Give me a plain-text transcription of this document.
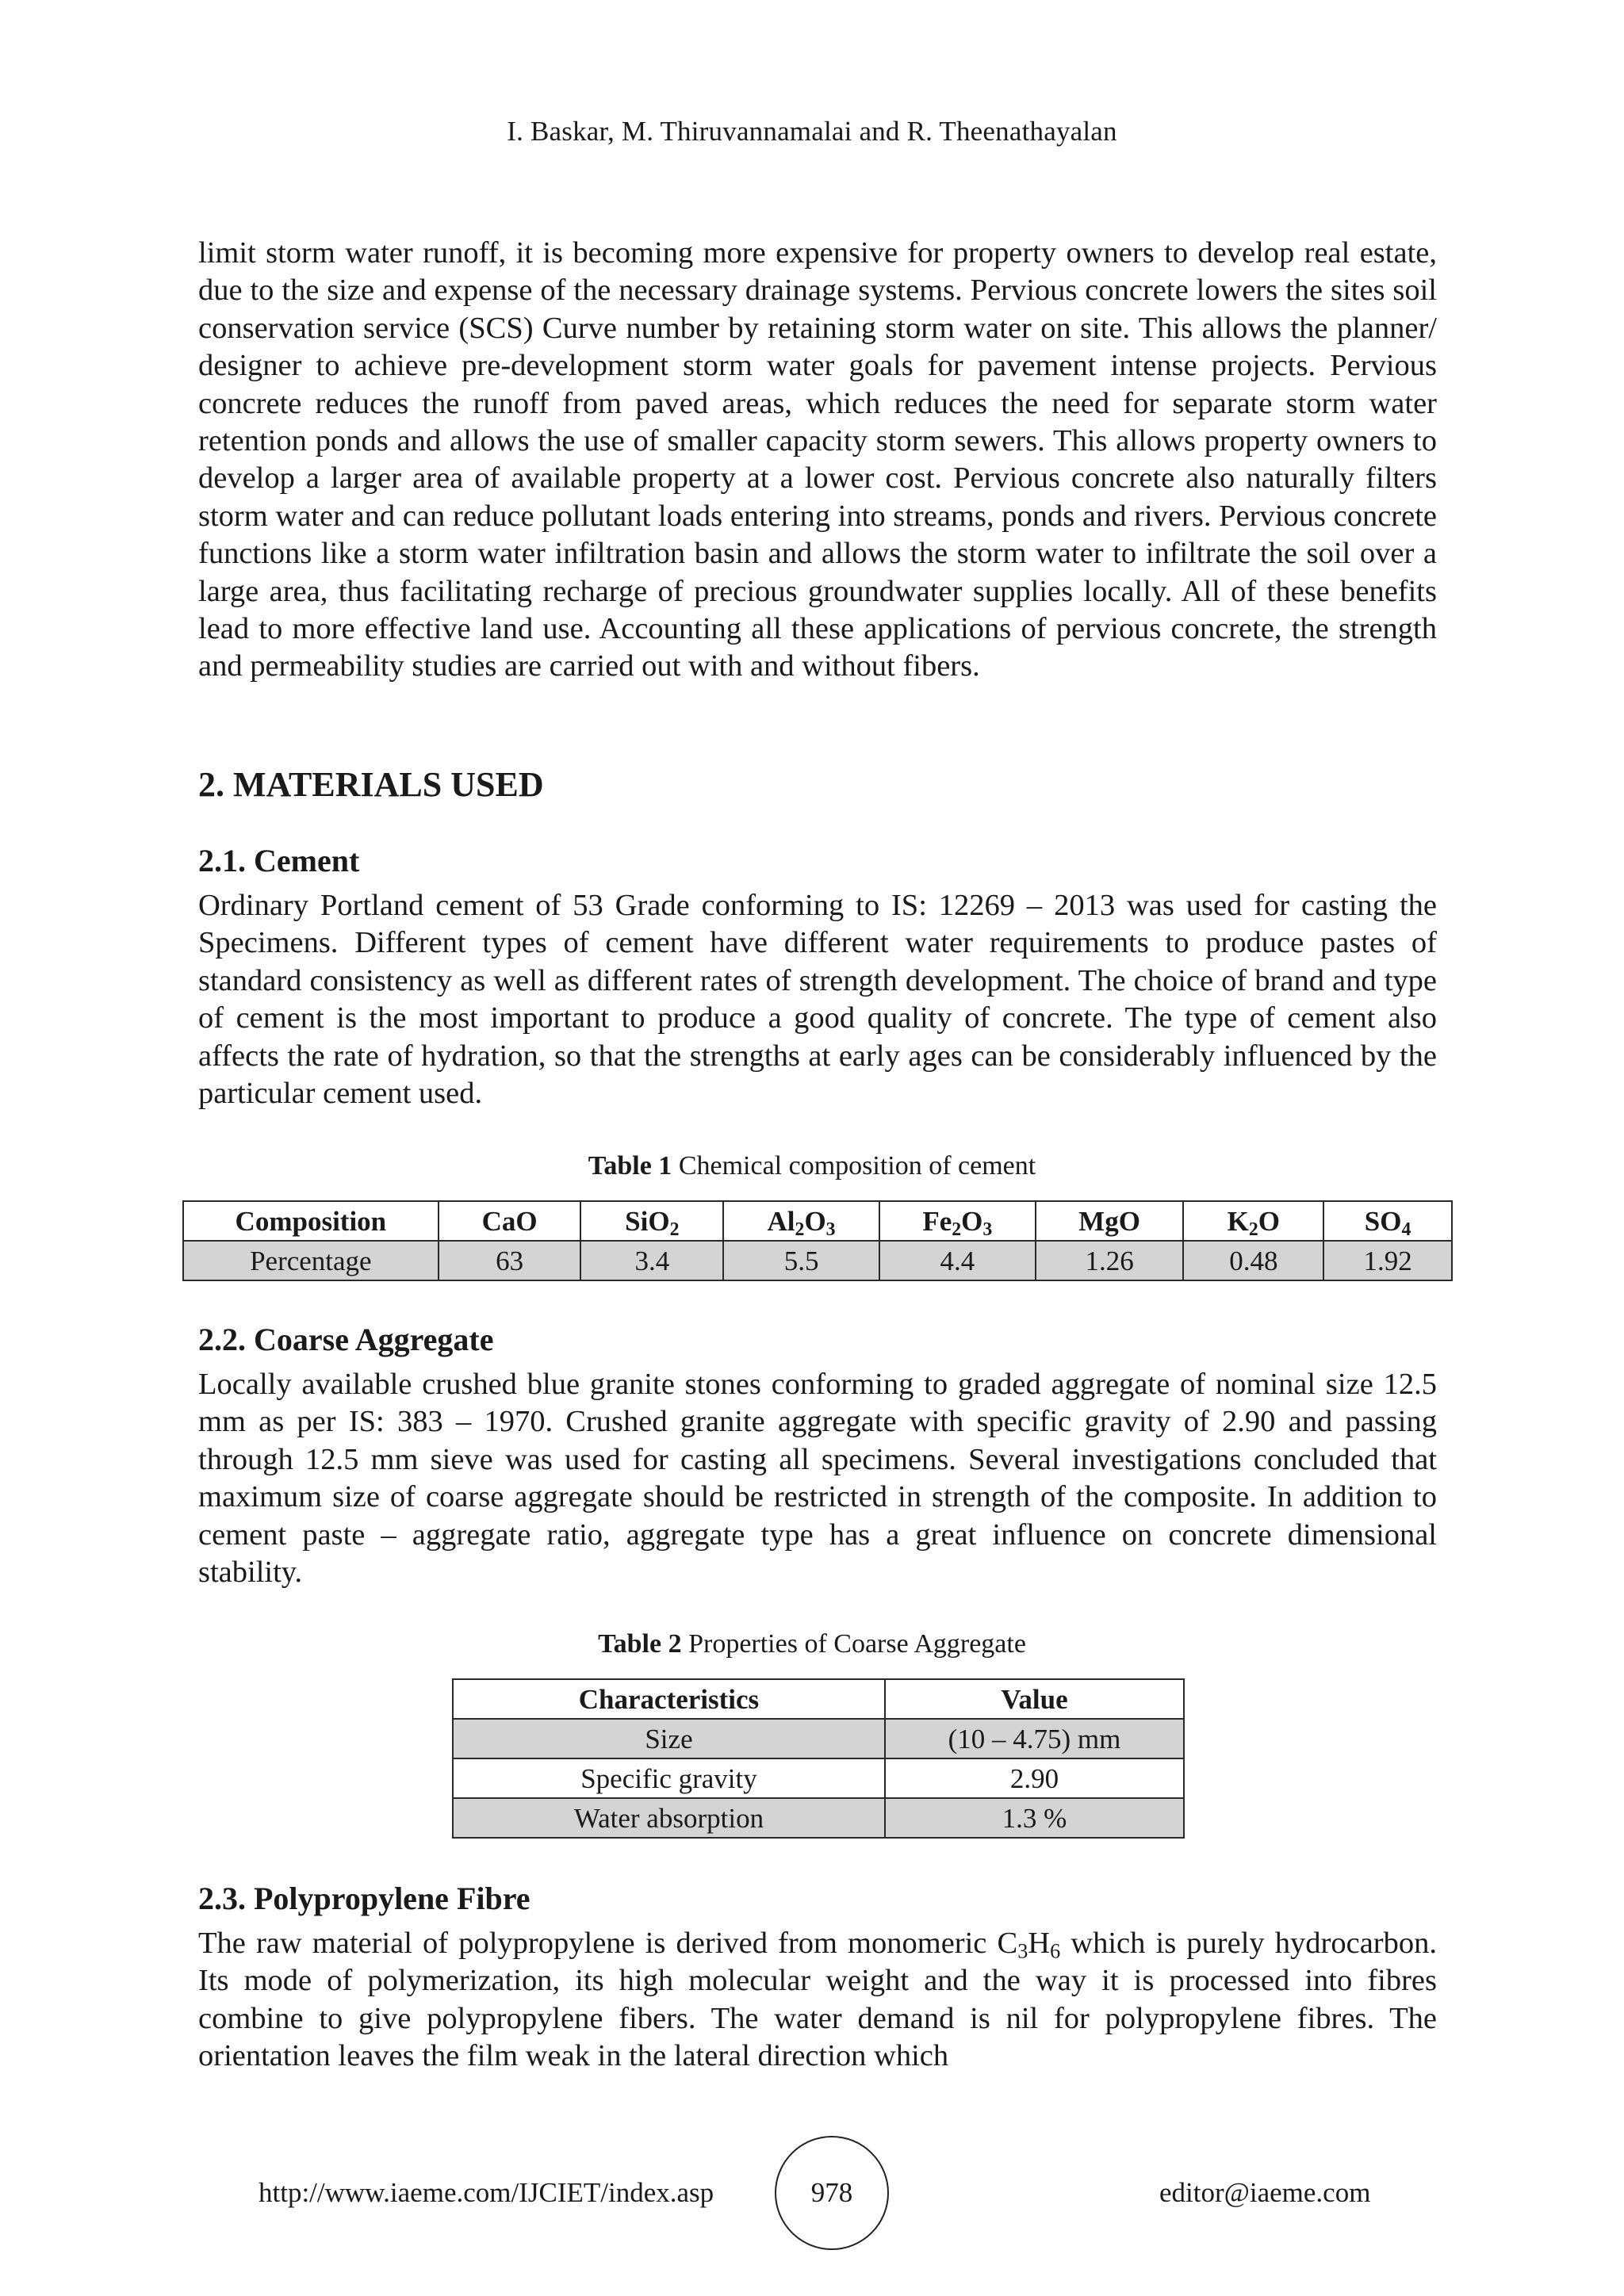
I. Baskar, M. Thiruvannamalai and R. Theenathayalan

limit storm water runoff, it is becoming more expensive for property owners to develop real estate, due to the size and expense of the necessary drainage systems. Pervious concrete lowers the sites soil conservation service (SCS) Curve number by retaining storm water on site. This allows the planner/ designer to achieve pre-development storm water goals for pavement intense projects. Pervious concrete reduces the runoff from paved areas, which reduces the need for separate storm water retention ponds and allows the use of smaller capacity storm sewers. This allows property owners to develop a larger area of available property at a lower cost. Pervious concrete also naturally filters storm water and can reduce pollutant loads entering into streams, ponds and rivers. Pervious concrete functions like a storm water infiltration basin and allows the storm water to infiltrate the soil over a large area, thus facilitating recharge of precious groundwater supplies locally. All of these benefits lead to more effective land use. Accounting all these applications of pervious concrete, the strength and permeability studies are carried out with and without fibers.

2. MATERIALS USED
2.1. Cement

Ordinary Portland cement of 53 Grade conforming to IS: 12269 – 2013 was used for casting the Specimens. Different types of cement have different water requirements to produce pastes of standard consistency as well as different rates of strength development. The choice of brand and type of cement is the most important to produce a good quality of concrete. The type of cement also affects the rate of hydration, so that the strengths at early ages can be considerably influenced by the particular cement used.

Table 1 Chemical composition of cement

Composition	CaO	SiO$_2$	$Al_2O_3$	$Fe_2O_3$	MgO	$K_2O$	$SO_4$
Percentage	63	3.4	5.5	4.4	1.26	0.48	1.92
2.2. Coarse Aggregate

Locally available crushed blue granite stones conforming to graded aggregate of nominal size 12.5 mm as per IS: 383 – 1970. Crushed granite aggregate with specific gravity of 2.90 and passing through 12.5 mm sieve was used for casting all specimens. Several investigations concluded that maximum size of coarse aggregate should be restricted in strength of the composite. In addition to cement paste – aggregate ratio, aggregate type has a great influence on concrete dimensional stability.

Table 2 Properties of Coarse Aggregate

Characteristics	Value
Size	(10 – 4.75) mm
Specific gravity	2.90
Water absorption	1.3 %
2.3. Polypropylene Fibre

The raw material of polypropylene is derived from monomeric $C_3H_6$ which is purely hydrocarbon. Its mode of polymerization, its high molecular weight and the way it is processed into fibres combine to give polypropylene fibers. The water demand is nil for polypropylene fibres. The orientation leaves the film weak in the lateral direction which

http://www.iaeme.com/IJCIET/index.asp	978	editor@iaeme.com
